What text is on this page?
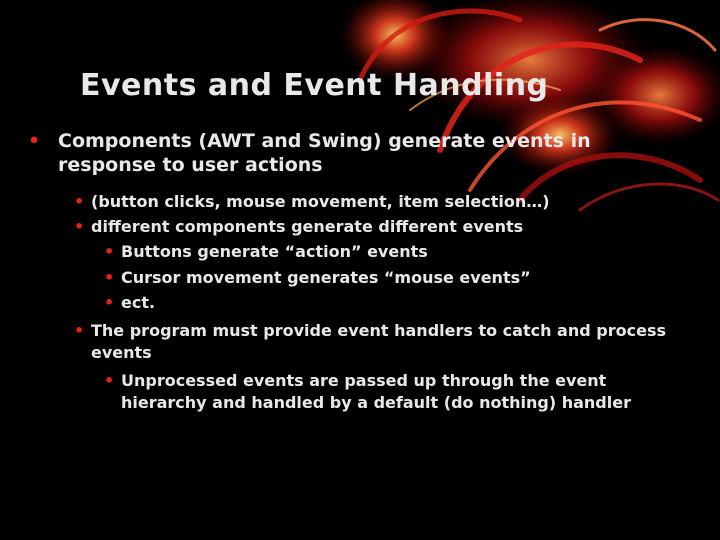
Events and Event Handling
• Components (AWT and Swing) generate events in response to user actions
• (button clicks, mouse movement, item selection…)
• different components generate different events
• Buttons generate “action” events
• Cursor movement generates “mouse events”
• ect.
• The program must provide event handlers to catch and process events
• Unprocessed events are passed up through the event hierarchy and handled by a default (do nothing) handler
